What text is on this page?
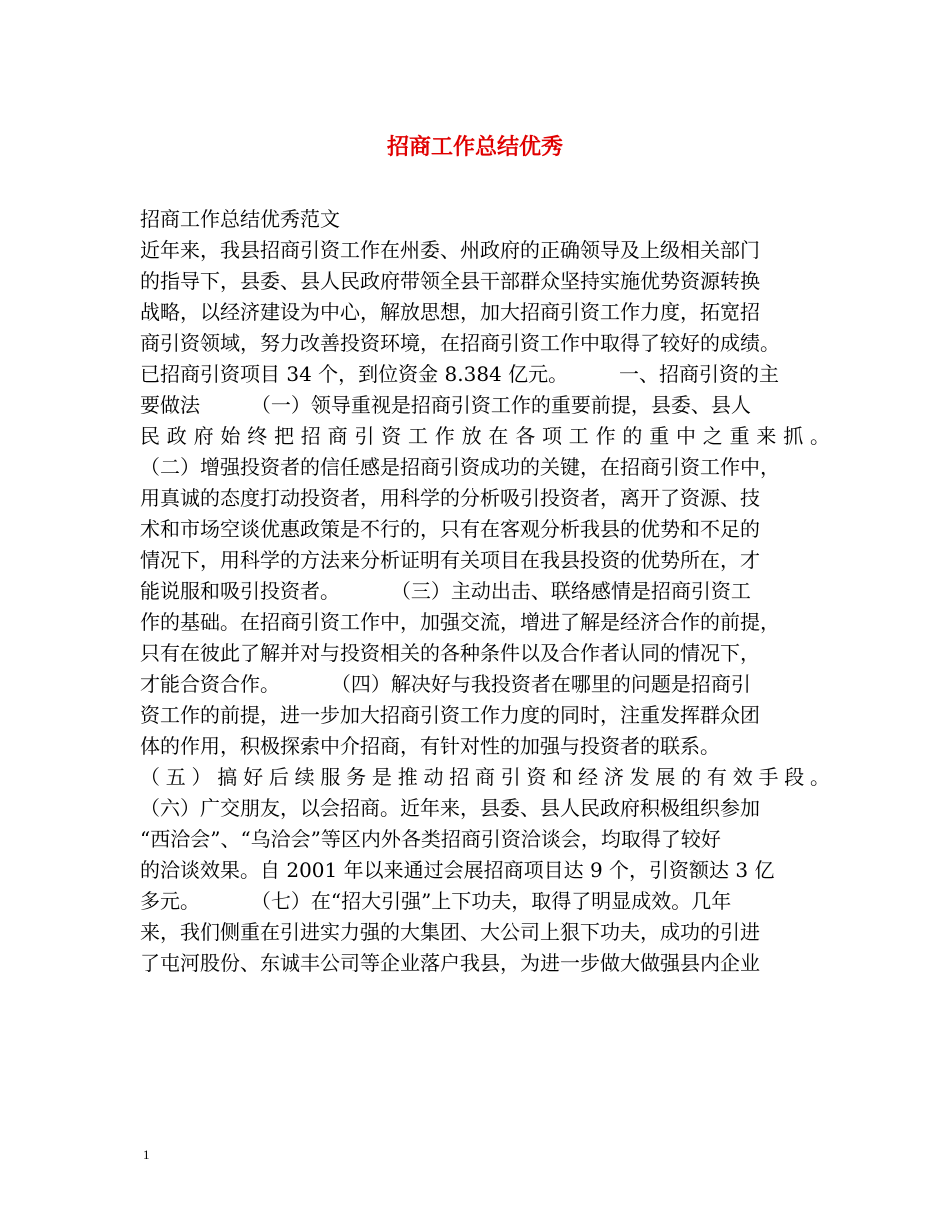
招商工作总结优秀
招商工作总结优秀范文
近年来，我县招商引资工作在州委、州政府的正确领导及上级相关部门
的指导下，县委、县人民政府带领全县干部群众坚持实施优势资源转换
战略，以经济建设为中心，解放思想，加大招商引资工作力度，拓宽招
商引资领域，努力改善投资环境，在招商引资工作中取得了较好的成绩。
已招商引资项目 34 个，到位资金 8.384 亿元。        一、招商引资的主
要做法        （一）领导重视是招商引资工作的重要前提，县委、县人
民政府始终把招商引资工作放在各项工作的重中之重来抓。
（二）增强投资者的信任感是招商引资成功的关键，在招商引资工作中，
用真诚的态度打动投资者，用科学的分析吸引投资者，离开了资源、技
术和市场空谈优惠政策是不行的，只有在客观分析我县的优势和不足的
情况下，用科学的方法来分析证明有关项目在我县投资的优势所在，才
能说服和吸引投资者。        （三）主动出击、联络感情是招商引资工
作的基础。在招商引资工作中，加强交流，增进了解是经济合作的前提，
只有在彼此了解并对与投资相关的各种条件以及合作者认同的情况下，
才能合资合作。        （四）解决好与我投资者在哪里的问题是招商引
资工作的前提，进一步加大招商引资工作力度的同时，注重发挥群众团
体的作用，积极探索中介招商，有针对性的加强与投资者的联系。
（五）搞好后续服务是推动招商引资和经济发展的有效手段。
（六）广交朋友，以会招商。近年来，县委、县人民政府积极组织参加
“西洽会”、“乌洽会”等区内外各类招商引资洽谈会，均取得了较好
的洽谈效果。自 2001 年以来通过会展招商项目达 9 个，引资额达 3 亿
多元。        （七）在“招大引强”上下功夫，取得了明显成效。几年
来，我们侧重在引进实力强的大集团、大公司上狠下功夫，成功的引进
了屯河股份、东诚丰公司等企业落户我县，为进一步做大做强县内企业
1
